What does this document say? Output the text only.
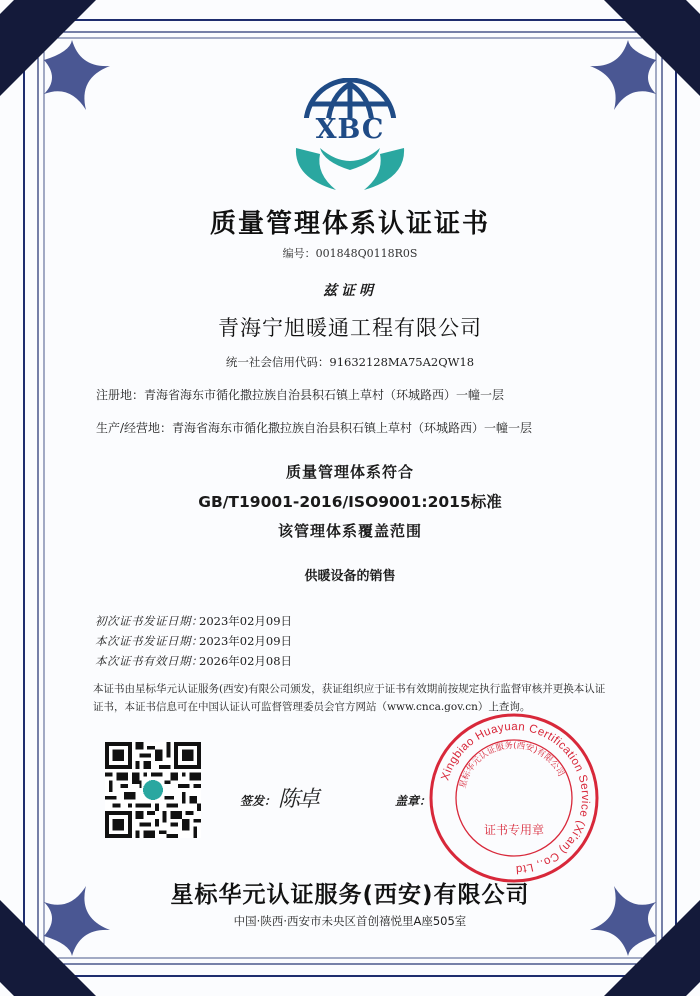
XBC
质量管理体系认证证书
编号：001848Q0118R0S
兹证明
青海宁旭暖通工程有限公司
统一社会信用代码：91632128MA75A2QW18
注册地：青海省海东市循化撒拉族自治县积石镇上草村（环城路西）一幢一层
生产/经营地：青海省海东市循化撒拉族自治县积石镇上草村（环城路西）一幢一层
质量管理体系符合
GB/T19001-2016/ISO9001:2015标准
该管理体系覆盖范围
供暖设备的销售
初次证书发证日期：2023年02月09日
本次证书发证日期：2023年02月09日
本次证书有效日期：2026年02月08日
本证书由星标华元认证服务(西安)有限公司颁发，获证组织应于证书有效期前按规定执行监督审核并更换本认证证书，本证书信息可在中国认证认可监督管理委员会官方网站（www.cnca.gov.cn）上查询。
签发： 陈卓	盖章：
Xingbiao Huayuan Certification Service (Xi'an) Co., Ltd
星标华元认证服务(西安)有限公司
证书专用章
星标华元认证服务(西安)有限公司
中国·陕西·西安市未央区首创禧悦里A座505室
